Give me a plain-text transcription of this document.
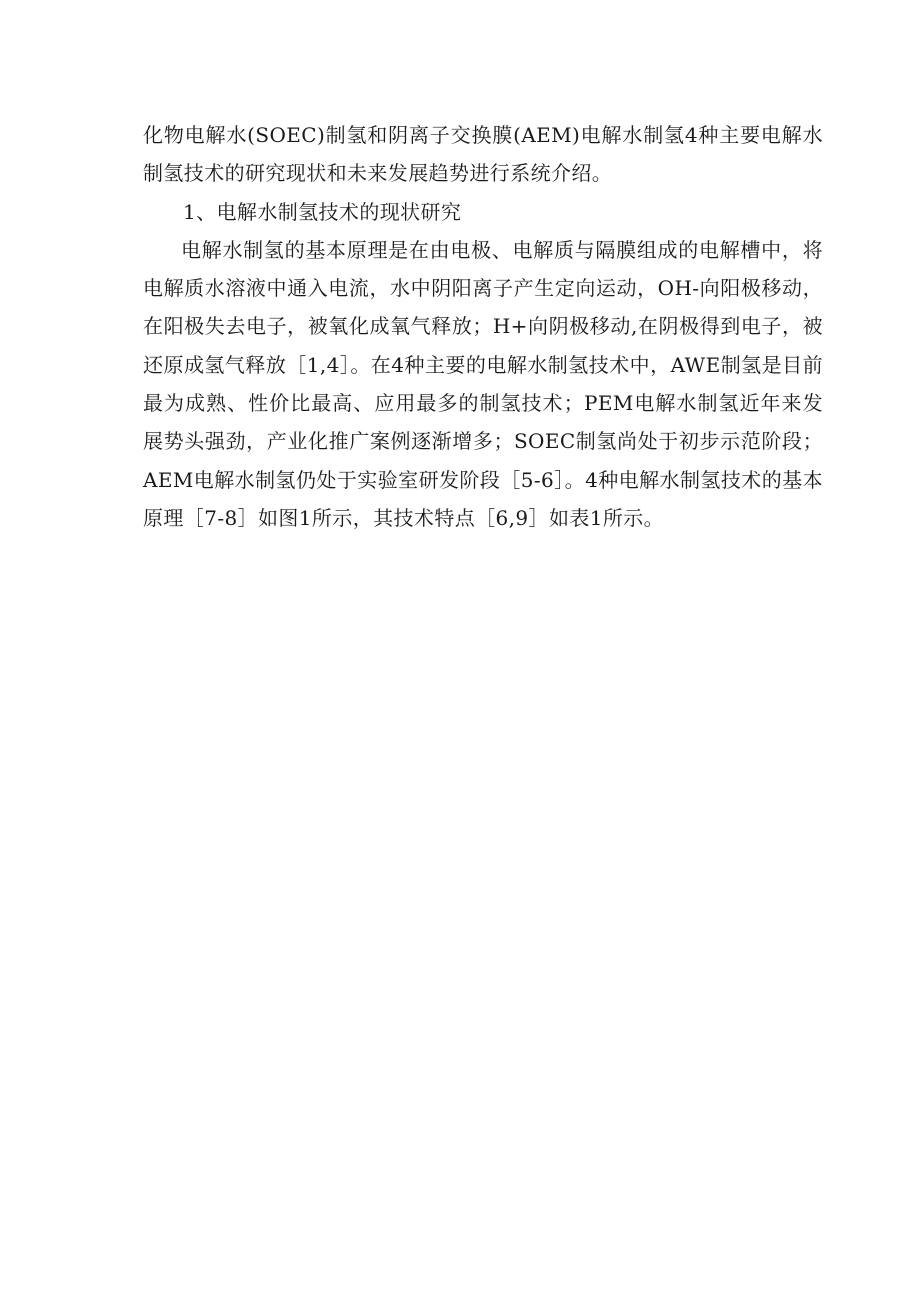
化物电解水(SOEC)制氢和阴离子交换膜(AEM)电解水制氢4种主要电解水制氢技术的研究现状和未来发展趋势进行系统介绍。

1、电解水制氢技术的现状研究

电解水制氢的基本原理是在由电极、电解质与隔膜组成的电解槽中，将电解质水溶液中通入电流，水中阴阳离子产生定向运动，OH-向阳极移动，在阳极失去电子，被氧化成氧气释放；H+向阴极移动,在阴极得到电子，被还原成氢气释放［1,4］。在4种主要的电解水制氢技术中，AWE制氢是目前最为成熟、性价比最高、应用最多的制氢技术；PEM电解水制氢近年来发展势头强劲，产业化推广案例逐渐增多；SOEC制氢尚处于初步示范阶段；AEM电解水制氢仍处于实验室研发阶段［5-6］。4种电解水制氢技术的基本原理［7-8］如图1所示，其技术特点［6,9］如表1所示。
